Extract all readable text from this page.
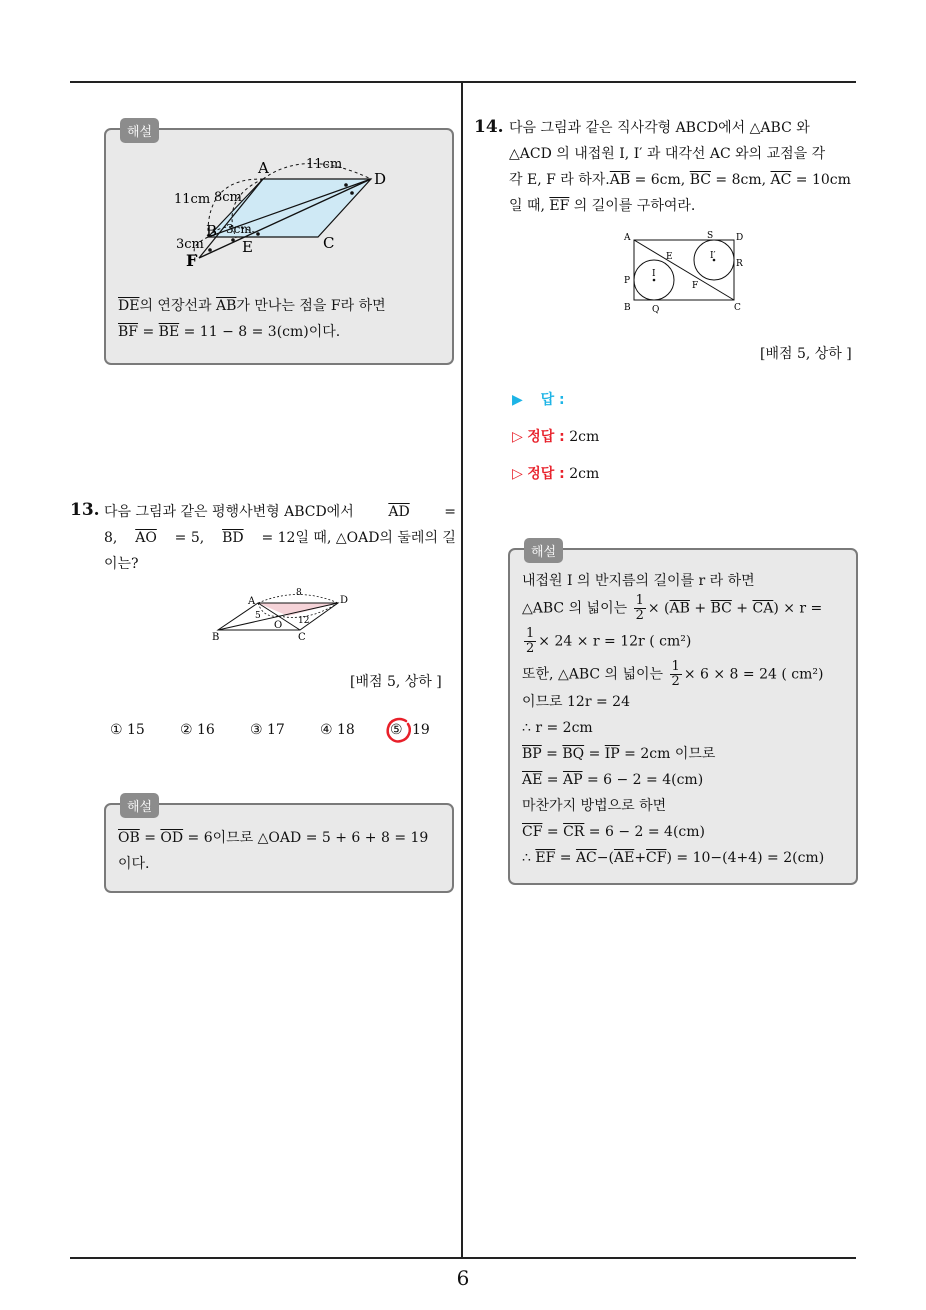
해설
A
D
B
C
E
F
11cm
11cm 8cm
3cm
3cm
$\overline{DE}$의 연장선과 $\overline{AB}$가 만나는 점을 F라 하면
$\overline{BF} = \overline{BE} = 11 - 8 = 3(cm)$이다.
13. 다음 그림과 같은 평행사변형 ABCD에서 $\overline{AD}$ =
8, $\overline{AO} = 5$, $\overline{BD} = 12$일 때, △OAD의 둘레의 길
이는?
A	D
B	C
O
8
5	12
[배점 5, 상하 ]
① 15	② 16	③ 17	④ 18	⑤ 19
해설
$\overline{OB} = \overline{OD} = 6$이므로 △OAD = 5 + 6 + 8 = 19
이다.
14. 다음 그림과 같은 직사각형 ABCD에서 △ABC 와
△ACD 의 내접원 I, I′ 과 대각선 AC 와의 교점을 각
각 E, F 라 하자$.\overline{AB} = 6cm$, $\overline{BC} = 8cm$, $\overline{AC} = 10cm$
일 때, $\overline{EF}$ 의 길이를 구하여라.
A	S	D
E	I′
R
P
I
F
B Q	C
[배점 5, 상하 ]
▶ 답 :
▷ 정답 : 2cm
▷ 정답 : 2cm
해설
내접원 I 의 반지름의 길이를 r 라 하면
△ABC 의 넓이는 $\frac{1}{2} \times (\overline{AB} + \overline{BC} + \overline{CA}) \times r$ =
$\frac{1}{2} \times 24 \times r = 12r$ ( cm²)
또한, △ABC 의 넓이는 $\frac{1}{2} \times 6 \times 8 = 24$ ( cm²)
이므로 12r = 24
∴ r = 2cm
$\overline{BP} = \overline{BQ} = \overline{IP} = 2cm$ 이므로
$\overline{AE} = \overline{AP} = 6 - 2 = 4(cm)$
마찬가지 방법으로 하면
$\overline{CF} = \overline{CR} = 6 - 2 = 4(cm)$
∴ $\overline{EF} = \overline{AC}-(\overline{AE}+\overline{CF}) = 10-(4+4) = 2(cm)$
6
